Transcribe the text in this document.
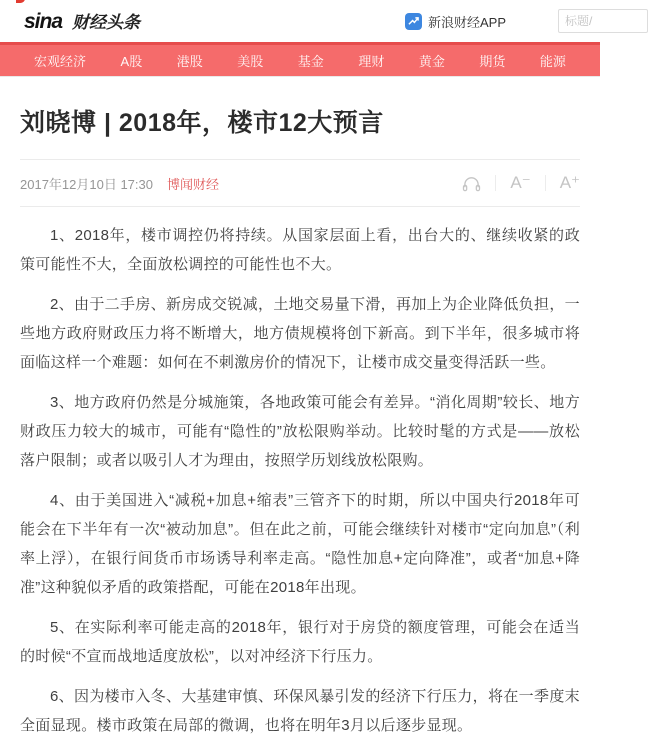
sina 财经头条	新浪财经APP
标题/
宏观经济	A股	港股	美股	基金	理财	黄金	期货	能源
刘晓博 | 2018年，楼市12大预言
2017年12月10日 17:30 博闻财经	A⁻ A⁺

1、2018年，楼市调控仍将持续。从国家层面上看，出台大的、继续收紧的政策可能性不大，全面放松调控的可能性也不大。

2、由于二手房、新房成交锐减，土地交易量下滑，再加上为企业降低负担，一些地方政府财政压力将不断增大，地方债规模将创下新高。到下半年，很多城市将面临这样一个难题：如何在不刺激房价的情况下，让楼市成交量变得活跃一些。

3、地方政府仍然是分城施策，各地政策可能会有差异。“消化周期”较长、地方财政压力较大的城市，可能有“隐性的”放松限购举动。比较时髦的方式是——放松落户限制；或者以吸引人才为理由，按照学历划线放松限购。

4、由于美国进入“减税+加息+缩表”三管齐下的时期，所以中国央行2018年可能会在下半年有一次“被动加息”。但在此之前，可能会继续针对楼市“定向加息”（利率上浮），在银行间货币市场诱导利率走高。“隐性加息+定向降准”，或者“加息+降准”这种貌似矛盾的政策搭配，可能在2018年出现。

5、在实际利率可能走高的2018年，银行对于房贷的额度管理，可能会在适当的时候“不宣而战地适度放松”，以对冲经济下行压力。

6、因为楼市入冬、大基建审慎、环保风暴引发的经济下行压力，将在一季度末全面显现。楼市政策在局部的微调，也将在明年3月以后逐步显现。
